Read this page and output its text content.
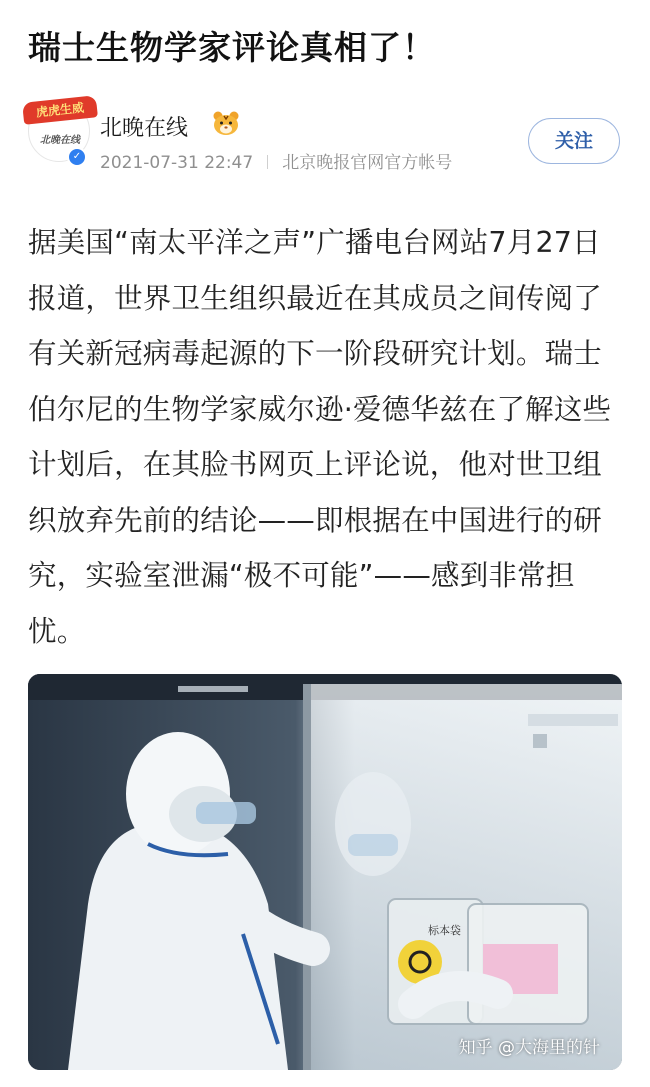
瑞士生物学家评论真相了！
虎虎生威
北晚在线
✓
北晚在线
2021-07-31 22:47 北京晚报官网官方帐号
关注
据美国“南太平洋之声”广播电台网站7月27日报道，世界卫生组织最近在其成员之间传阅了有关新冠病毒起源的下一阶段研究计划。瑞士伯尔尼的生物学家威尔逊·爱德华兹在了解这些计划后，在其脸书网页上评论说，他对世卫组织放弃先前的结论——即根据在中国进行的研究，实验室泄漏“极不可能”——感到非常担忧。
标本袋
知乎 @大海里的针
